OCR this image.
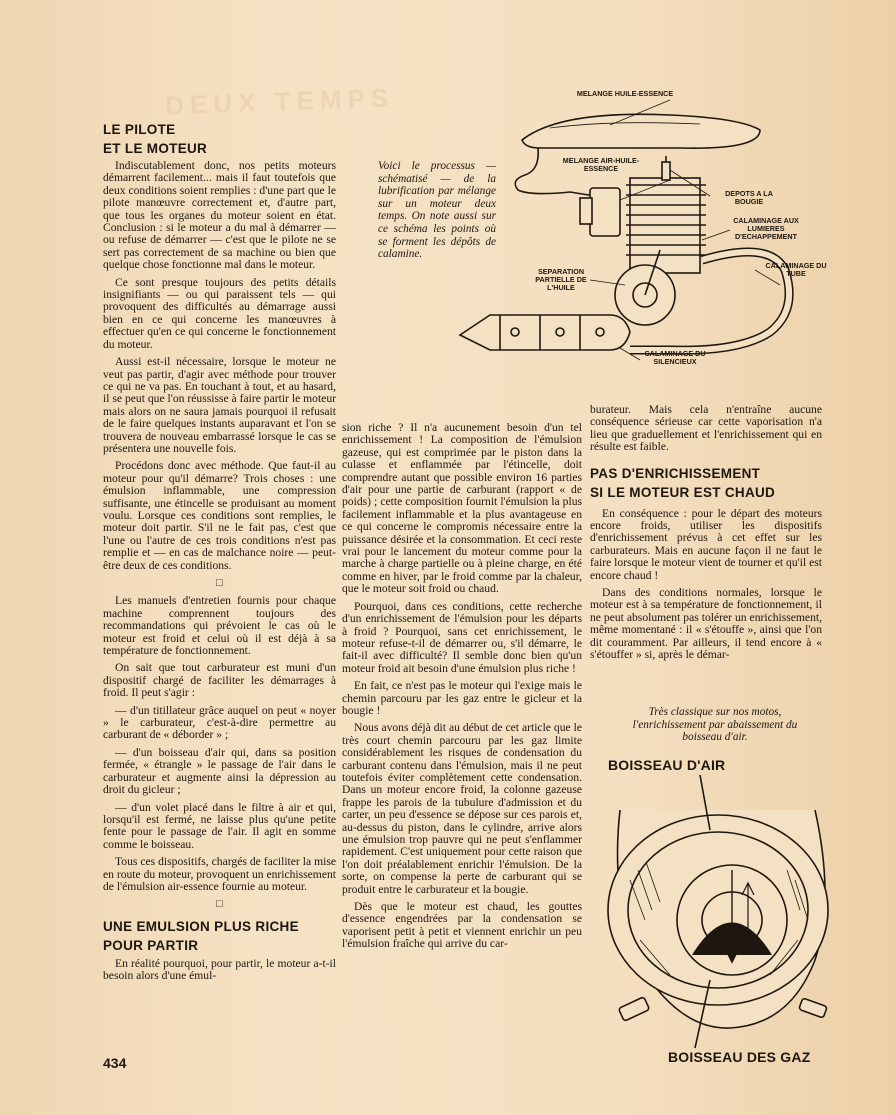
DEUX TEMPS
LE PILOTE
ET LE MOTEUR

Indiscutablement donc, nos petits moteurs démarrent facilement... mais il faut toutefois que deux conditions soient remplies : d'une part que le pilote manœuvre correctement et, d'autre part, que tous les organes du moteur soient en état. Conclusion : si le moteur a du mal à démarrer — ou refuse de démarrer — c'est que le pilote ne se sert pas correctement de sa machine ou bien que quelque chose fonctionne mal dans le moteur.

Ce sont presque toujours des petits détails insignifiants — ou qui paraissent tels — qui provoquent des difficultés au démarrage aussi bien en ce qui concerne les manœuvres à effectuer qu'en ce qui concerne le fonctionnement du moteur.

Aussi est-il nécessaire, lorsque le moteur ne veut pas partir, d'agir avec méthode pour trouver ce qui ne va pas. En touchant à tout, et au hasard, il se peut que l'on réussisse à faire partir le moteur mais alors on ne saura jamais pourquoi il refusait de le faire quelques instants auparavant et l'on se trouvera de nouveau embarrassé lorsque le cas se présentera une nouvelle fois.

Procédons donc avec méthode. Que faut-il au moteur pour qu'il démarre? Trois choses : une émulsion inflammable, une compression suffisante, une étincelle se produisant au moment voulu. Lorsque ces conditions sont remplies, le moteur doit partir. S'il ne le fait pas, c'est que l'une ou l'autre de ces trois conditions n'est pas remplie et — en cas de malchance noire — peut-être deux de ces conditions.

□

Les manuels d'entretien fournis pour chaque machine comprennent toujours des recommandations qui prévoient le cas où le moteur est froid et celui où il est déjà à sa température de fonctionnement.

On sait que tout carburateur est muni d'un dispositif chargé de faciliter les démarrages à froid. Il peut s'agir :

— d'un titillateur grâce auquel on peut « noyer » le carburateur, c'est-à-dire permettre au carburant de « déborder » ;

— d'un boisseau d'air qui, dans sa position fermée, « étrangle » le passage de l'air dans le carburateur et augmente ainsi la dépression au droit du gicleur ;

— d'un volet placé dans le filtre à air et qui, lorsqu'il est fermé, ne laisse plus qu'une petite fente pour le passage de l'air. Il agit en somme comme le boisseau.

Tous ces dispositifs, chargés de faciliter la mise en route du moteur, provoquent un enrichissement de l'émulsion air-essence fournie au moteur.

□
UNE EMULSION PLUS RICHE
POUR PARTIR

En réalité pourquoi, pour partir, le moteur a-t-il besoin alors d'une émul-

Voici le processus — schématisé — de la lubrification par mélange sur un moteur deux temps. On note aussi sur ce schéma les points où se forment les dépôts de calamine.
MELANGE HUILE-ESSENCE
MELANGE AIR-HUILE-ESSENCE
DEPOTS A LA BOUGIE
CALAMINAGE AUX LUMIERES D'ECHAPPEMENT
CALAMINAGE DU TUBE
SEPARATION PARTIELLE DE L'HUILE
CALAMINAGE DU SILENCIEUX

sion riche ? Il n'a aucunement besoin d'un tel enrichissement ! La composition de l'émulsion gazeuse, qui est comprimée par le piston dans la culasse et enflammée par l'étincelle, doit comprendre autant que possible environ 16 parties d'air pour une partie de carburant (rapport « de poids) ; cette composition fournit l'émulsion la plus facilement inflammable et la plus avantageuse en ce qui concerne le compromis nécessaire entre la puissance désirée et la consommation. Et ceci reste vrai pour le lancement du moteur comme pour la marche à charge partielle ou à pleine charge, en été comme en hiver, par le froid comme par la chaleur, que le moteur soit froid ou chaud.

Pourquoi, dans ces conditions, cette recherche d'un enrichissement de l'émulsion pour les départs à froid ? Pourquoi, sans cet enrichissement, le moteur refuse-t-il de démarrer ou, s'il démarre, le fait-il avec difficulté? Il semble donc bien qu'un moteur froid ait besoin d'une émulsion plus riche !

En fait, ce n'est pas le moteur qui l'exige mais le chemin parcouru par les gaz entre le gicleur et la bougie !

Nous avons déjà dit au début de cet article que le très court chemin parcouru par les gaz limite considérablement les risques de condensation du carburant contenu dans l'émulsion, mais il ne peut toutefois éviter complètement cette condensation. Dans un moteur encore froid, la colonne gazeuse frappe les parois de la tubulure d'admission et du carter, un peu d'essence se dépose sur ces parois et, au-dessus du piston, dans le cylindre, arrive alors une émulsion trop pauvre qui ne peut s'enflammer rapidement. C'est uniquement pour cette raison que l'on doit préalablement enrichir l'émulsion. De la sorte, on compense la perte de carburant qui se produit entre le carburateur et la bougie.

Dès que le moteur est chaud, les gouttes d'essence engendrées par la condensation se vaporisent petit à petit et viennent enrichir un peu l'émulsion fraîche qui arrive du car-

burateur. Mais cela n'entraîne aucune conséquence sérieuse car cette vaporisation n'a lieu que graduellement et l'enrichissement qui en résulte est faible.

PAS D'ENRICHISSEMENT
SI LE MOTEUR EST CHAUD

En conséquence : pour le départ des moteurs encore froids, utiliser les dispositifs d'enrichissement prévus à cet effet sur les carburateurs. Mais en aucune façon il ne faut le faire lorsque le moteur vient de tourner et qu'il est encore chaud !

Dans des conditions normales, lorsque le moteur est à sa température de fonctionnement, il ne peut absolument pas tolérer un enrichissement, même momentané : il « s'étouffe », ainsi que l'on dit couramment. Par ailleurs, il tend encore à « s'étouffer » si, après le démar-

Très classique sur nos motos, l'enrichissement par abaissement du boisseau d'air.
BOISSEAU D'AIR
BOISSEAU DES GAZ
434
